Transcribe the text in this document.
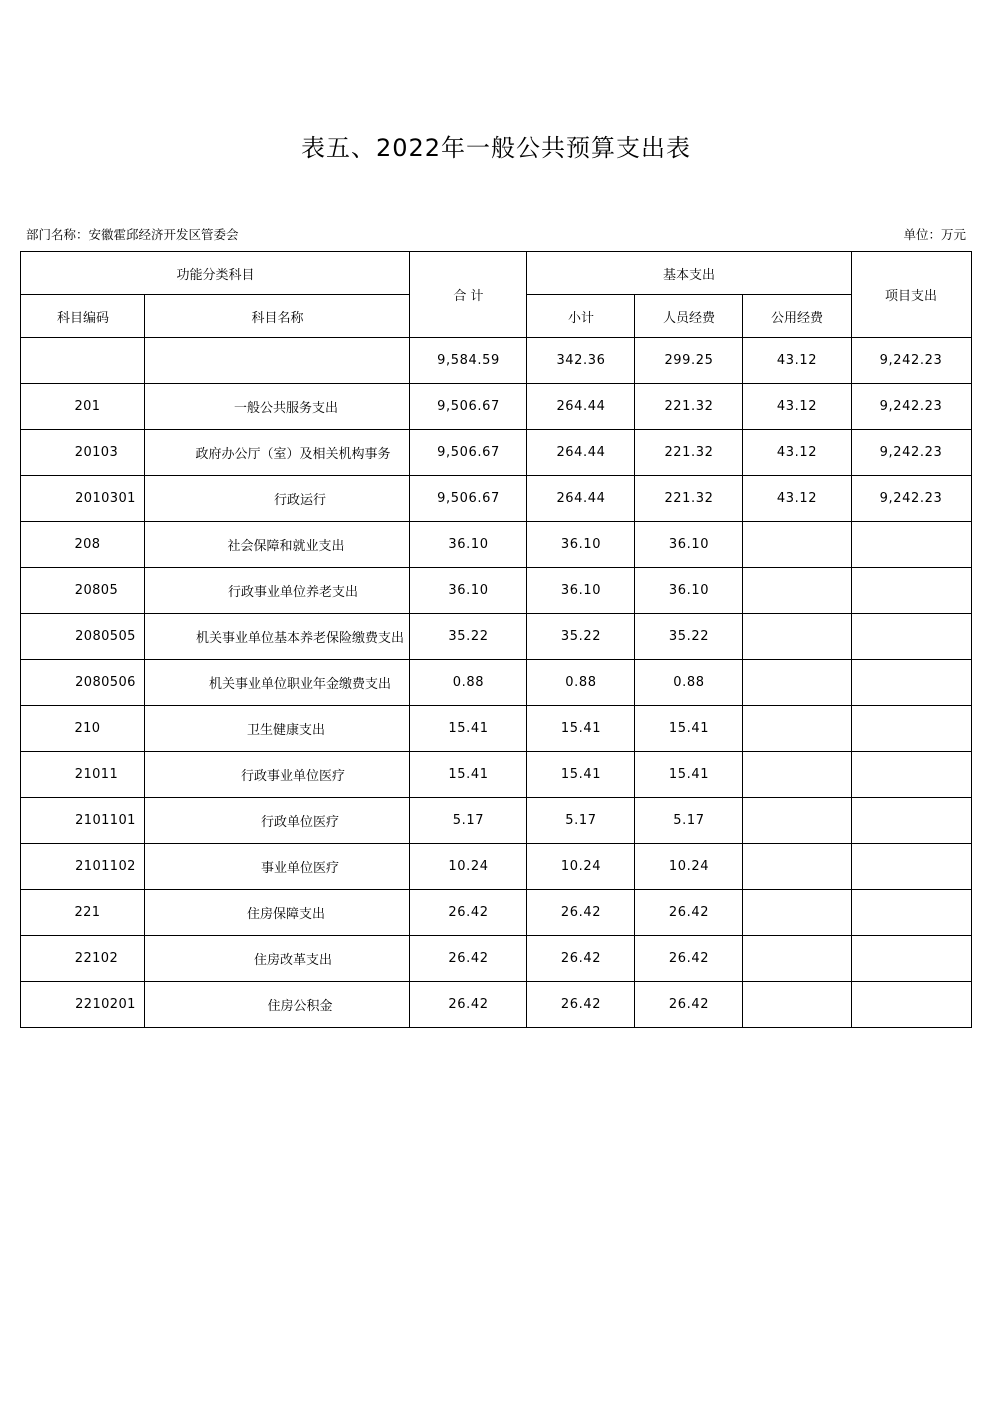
表五、2022年一般公共预算支出表
部门名称：安徽霍邱经济开发区管委会	单位：万元
功能分类科目		合 计	基本支出			项目支出
科目编码	科目名称		小计	人员经费	公用经费	
		9,584.59	342.36	299.25	43.12	9,242.23
201	一般公共服务支出	9,506.67	264.44	221.32	43.12	9,242.23
20103	政府办公厅（室）及相关机构事务	9,506.67	264.44	221.32	43.12	9,242.23
2010301	行政运行	9,506.67	264.44	221.32	43.12	9,242.23
208	社会保障和就业支出	36.10	36.10	36.10		
20805	行政事业单位养老支出	36.10	36.10	36.10		
2080505	机关事业单位基本养老保险缴费支出	35.22	35.22	35.22		
2080506	机关事业单位职业年金缴费支出	0.88	0.88	0.88		
210	卫生健康支出	15.41	15.41	15.41		
21011	行政事业单位医疗	15.41	15.41	15.41		
2101101	行政单位医疗	5.17	5.17	5.17		
2101102	事业单位医疗	10.24	10.24	10.24		
221	住房保障支出	26.42	26.42	26.42		
22102	住房改革支出	26.42	26.42	26.42		
2210201	住房公积金	26.42	26.42	26.42		
